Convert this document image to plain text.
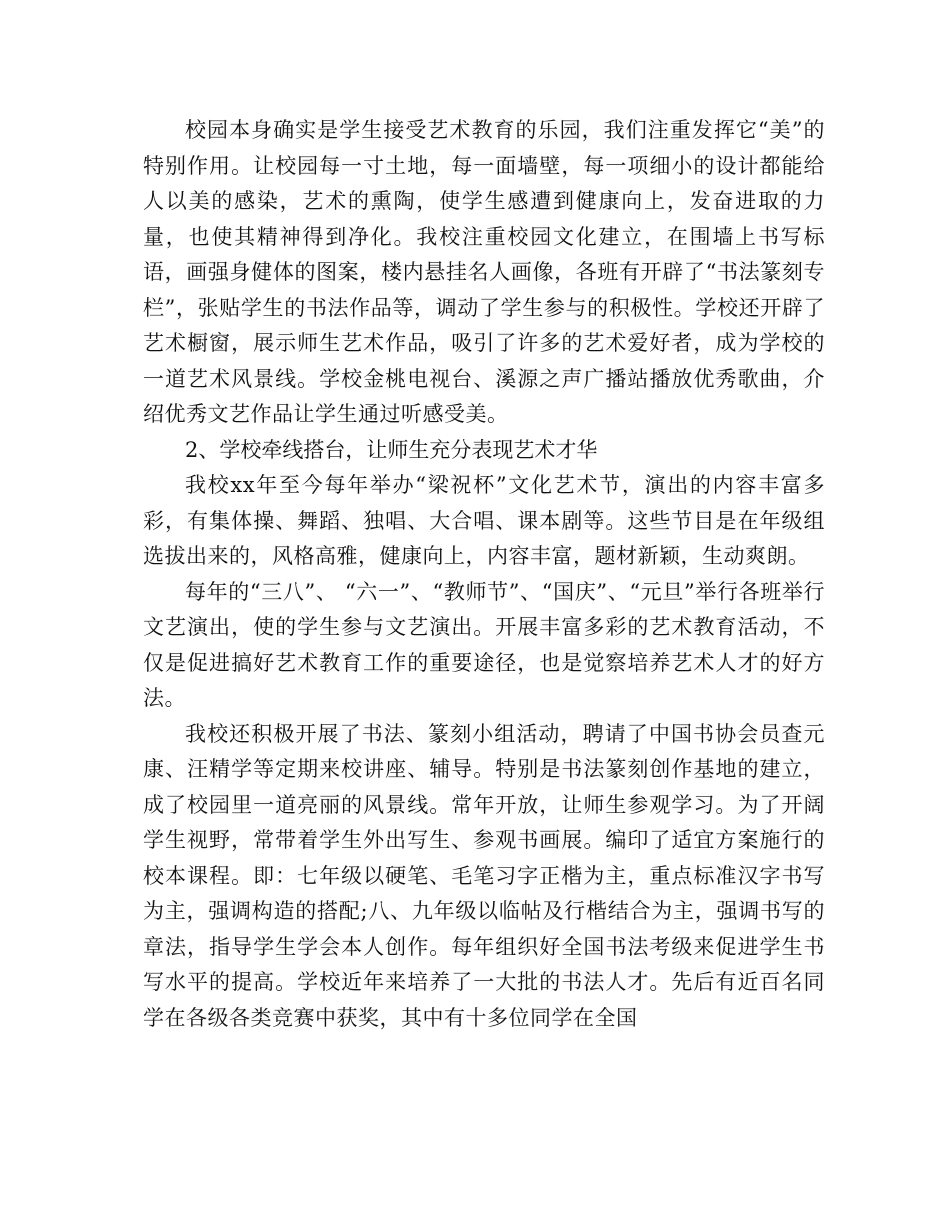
校园本身确实是学生接受艺术教育的乐园，我们注重发挥它“美”的特别作用。让校园每一寸土地，每一面墙壁，每一项细小的设计都能给人以美的感染，艺术的熏陶，使学生感遭到健康向上，发奋进取的力量，也使其精神得到净化。我校注重校园文化建立，在围墙上书写标语，画强身健体的图案，楼内悬挂名人画像，各班有开辟了“书法篆刻专栏”，张贴学生的书法作品等，调动了学生参与的积极性。学校还开辟了艺术橱窗，展示师生艺术作品，吸引了许多的艺术爱好者，成为学校的一道艺术风景线。学校金桃电视台、溪源之声广播站播放优秀歌曲，介绍优秀文艺作品让学生通过听感受美。

2、学校牵线搭台，让师生充分表现艺术才华

我校xx年至今每年举办“梁祝杯”文化艺术节，演出的内容丰富多彩，有集体操、舞蹈、独唱、大合唱、课本剧等。这些节目是在年级组选拔出来的，风格高雅，健康向上，内容丰富，题材新颖，生动爽朗。

每年的“三八”、 “六一”、“教师节”、“国庆”、“元旦”举行各班举行文艺演出，使的学生参与文艺演出。开展丰富多彩的艺术教育活动，不仅是促进搞好艺术教育工作的重要途径，也是觉察培养艺术人才的好方法。

我校还积极开展了书法、篆刻小组活动，聘请了中国书协会员查元康、汪精学等定期来校讲座、辅导。特别是书法篆刻创作基地的建立，成了校园里一道亮丽的风景线。常年开放，让师生参观学习。为了开阔学生视野，常带着学生外出写生、参观书画展。编印了适宜方案施行的校本课程。即：七年级以硬笔、毛笔习字正楷为主，重点标准汉字书写为主，强调构造的搭配;八、九年级以临帖及行楷结合为主，强调书写的章法，指导学生学会本人创作。每年组织好全国书法考级来促进学生书写水平的提高。学校近年来培养了一大批的书法人才。先后有近百名同学在各级各类竞赛中获奖，其中有十多位同学在全国
